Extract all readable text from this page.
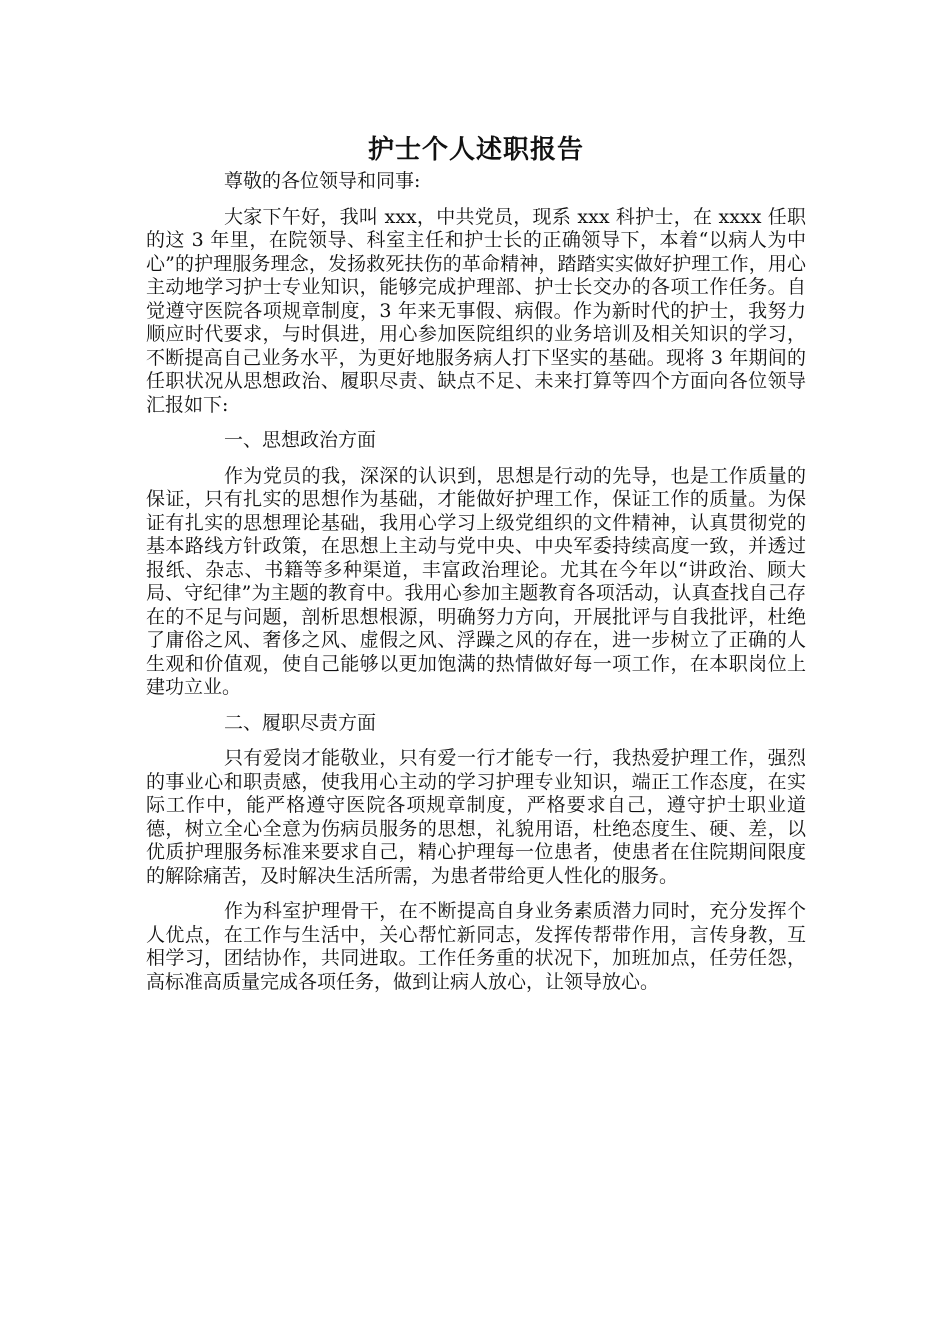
护士个人述职报告

尊敬的各位领导和同事:

大家下午好，我叫 xxx，中共党员，现系 xxx 科护士，在 xxxx 任职的这 3 年里，在院领导、科室主任和护士长的正确领导下，本着“以病人为中心”的护理服务理念，发扬救死扶伤的革命精神，踏踏实实做好护理工作，用心主动地学习护士专业知识，能够完成护理部、护士长交办的各项工作任务。自觉遵守医院各项规章制度，3 年来无事假、病假。作为新时代的护士，我努力顺应时代要求，与时俱进，用心参加医院组织的业务培训及相关知识的学习，不断提高自己业务水平，为更好地服务病人打下坚实的基础。现将 3 年期间的任职状况从思想政治、履职尽责、缺点不足、未来打算等四个方面向各位领导汇报如下:

一、思想政治方面

作为党员的我，深深的认识到，思想是行动的先导，也是工作质量的保证，只有扎实的思想作为基础，才能做好护理工作，保证工作的质量。为保证有扎实的思想理论基础，我用心学习上级党组织的文件精神，认真贯彻党的基本路线方针政策，在思想上主动与党中央、中央军委持续高度一致，并透过报纸、杂志、书籍等多种渠道，丰富政治理论。尤其在今年以“讲政治、顾大局、守纪律”为主题的教育中。我用心参加主题教育各项活动，认真查找自己存在的不足与问题，剖析思想根源，明确努力方向，开展批评与自我批评，杜绝了庸俗之风、奢侈之风、虚假之风、浮躁之风的存在，进一步树立了正确的人生观和价值观，使自己能够以更加饱满的热情做好每一项工作，在本职岗位上建功立业。

二、履职尽责方面

只有爱岗才能敬业，只有爱一行才能专一行，我热爱护理工作，强烈的事业心和职责感，使我用心主动的学习护理专业知识，端正工作态度，在实际工作中，能严格遵守医院各项规章制度，严格要求自己，遵守护士职业道德，树立全心全意为伤病员服务的思想，礼貌用语，杜绝态度生、硬、差，以优质护理服务标准来要求自己，精心护理每一位患者，使患者在住院期间限度的解除痛苦，及时解决生活所需，为患者带给更人性化的服务。

作为科室护理骨干，在不断提高自身业务素质潜力同时，充分发挥个人优点，在工作与生活中，关心帮忙新同志，发挥传帮带作用，言传身教，互相学习，团结协作，共同进取。工作任务重的状况下，加班加点，任劳任怨，高标准高质量完成各项任务，做到让病人放心，让领导放心。
